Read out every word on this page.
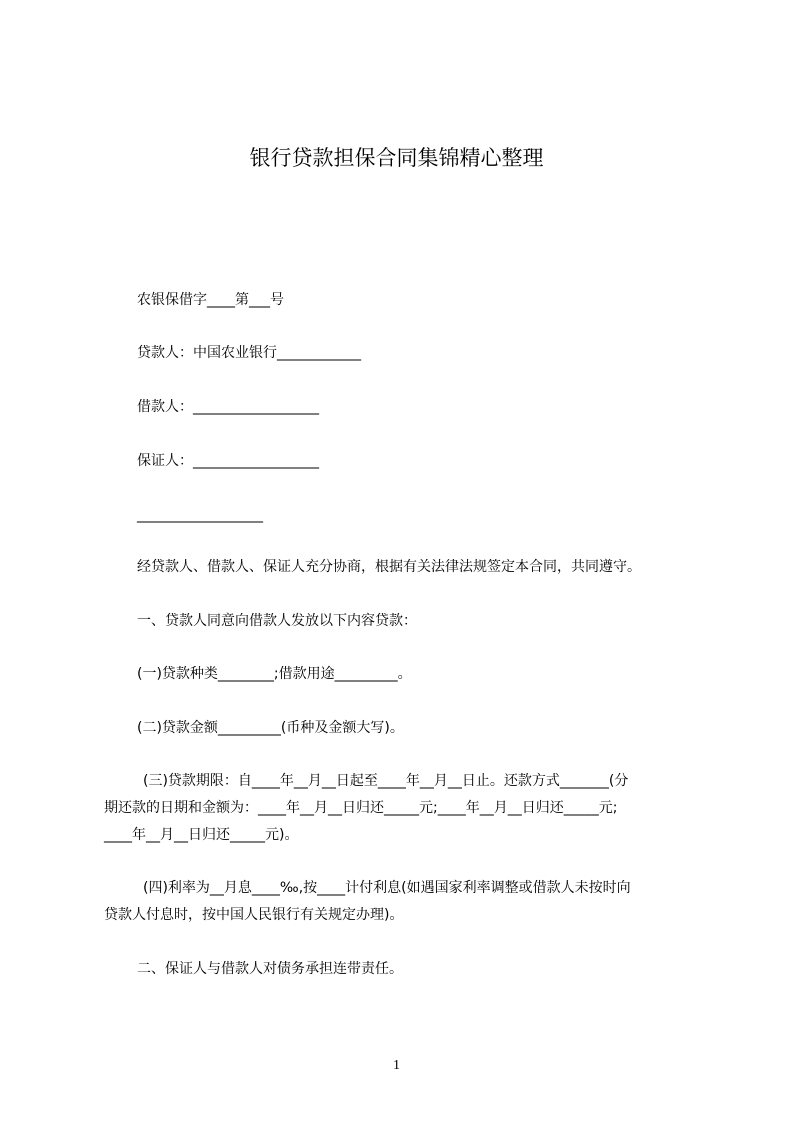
银行贷款担保合同集锦精心整理
农银保借字____第___号
贷款人：中国农业银行____________
借款人：__________________
保证人：__________________
__________________
经贷款人、借款人、保证人充分协商，根据有关法律法规签定本合同，共同遵守。
一、贷款人同意向借款人发放以下内容贷款：
(一)贷款种类________;借款用途_________。
(二)贷款金额_________(币种及金额大写)。
(三)贷款期限：自____年__月__日起至____年__月__日止。还款方式_______(分
期还款的日期和金额为：____年__月__日归还_____元;____年__月__日归还_____元;
____年__月__日归还_____元)。
(四)利率为__月息____‰,按____计付利息(如遇国家利率调整或借款人未按时向
贷款人付息时，按中国人民银行有关规定办理)。
二、保证人与借款人对债务承担连带责任。
1
